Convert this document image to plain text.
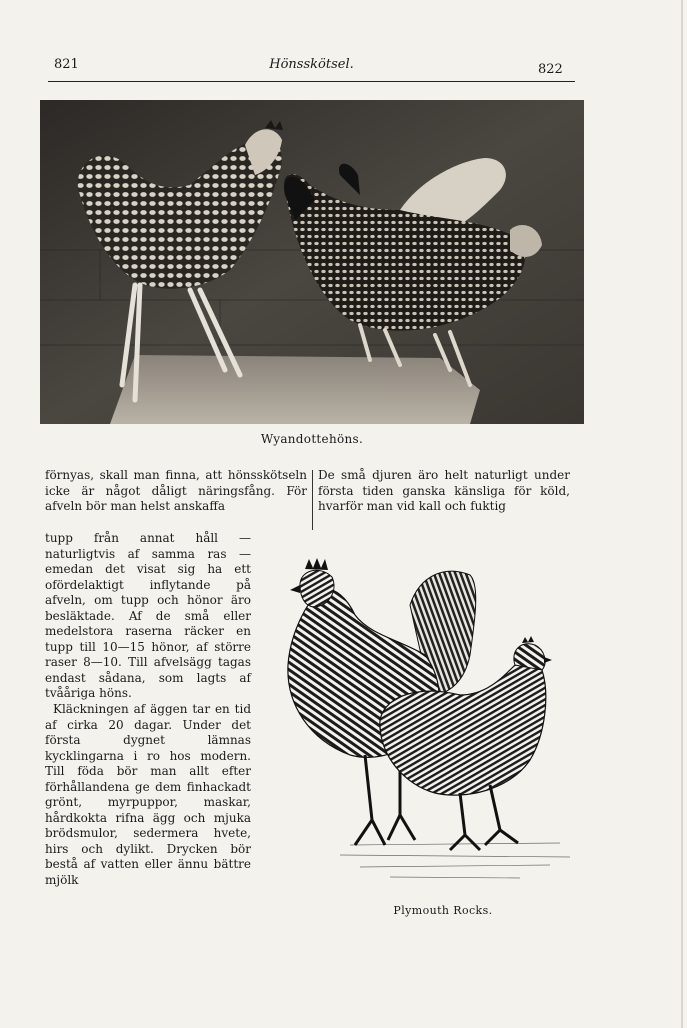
821	Hönsskötsel.	822
Wyandottehöns.
förnyas, skall man finna, att hönsskötseln icke är något dåligt näringsfång. För afveln bör man helst anskaffa
De små djuren äro helt naturligt under första tiden ganska känsliga för köld, hvarför man vid kall och fuktig

tupp från annat håll — naturligtvis af samma ras — emedan det visat sig ha ett ofördelaktigt inflytande på afveln, om tupp och hönor äro besläktade. Af de små eller medelstora raserna räcker en tupp till 10—15 hönor, af större raser 8—10. Till afvelsägg tagas endast sådana, som lagts af tvååriga höns.

Kläckningen af äggen tar en tid af cirka 20 dagar. Under det första dygnet lämnas kycklingarna i ro hos modern. Till föda bör man allt efter förhållandena ge dem finhackadt grönt, myrpuppor, maskar, hårdkokta rifna ägg och mjuka brödsmulor, sedermera hvete, hirs och dylikt. Drycken bör bestå af vatten eller ännu bättre mjölk

Plymouth Rocks.
